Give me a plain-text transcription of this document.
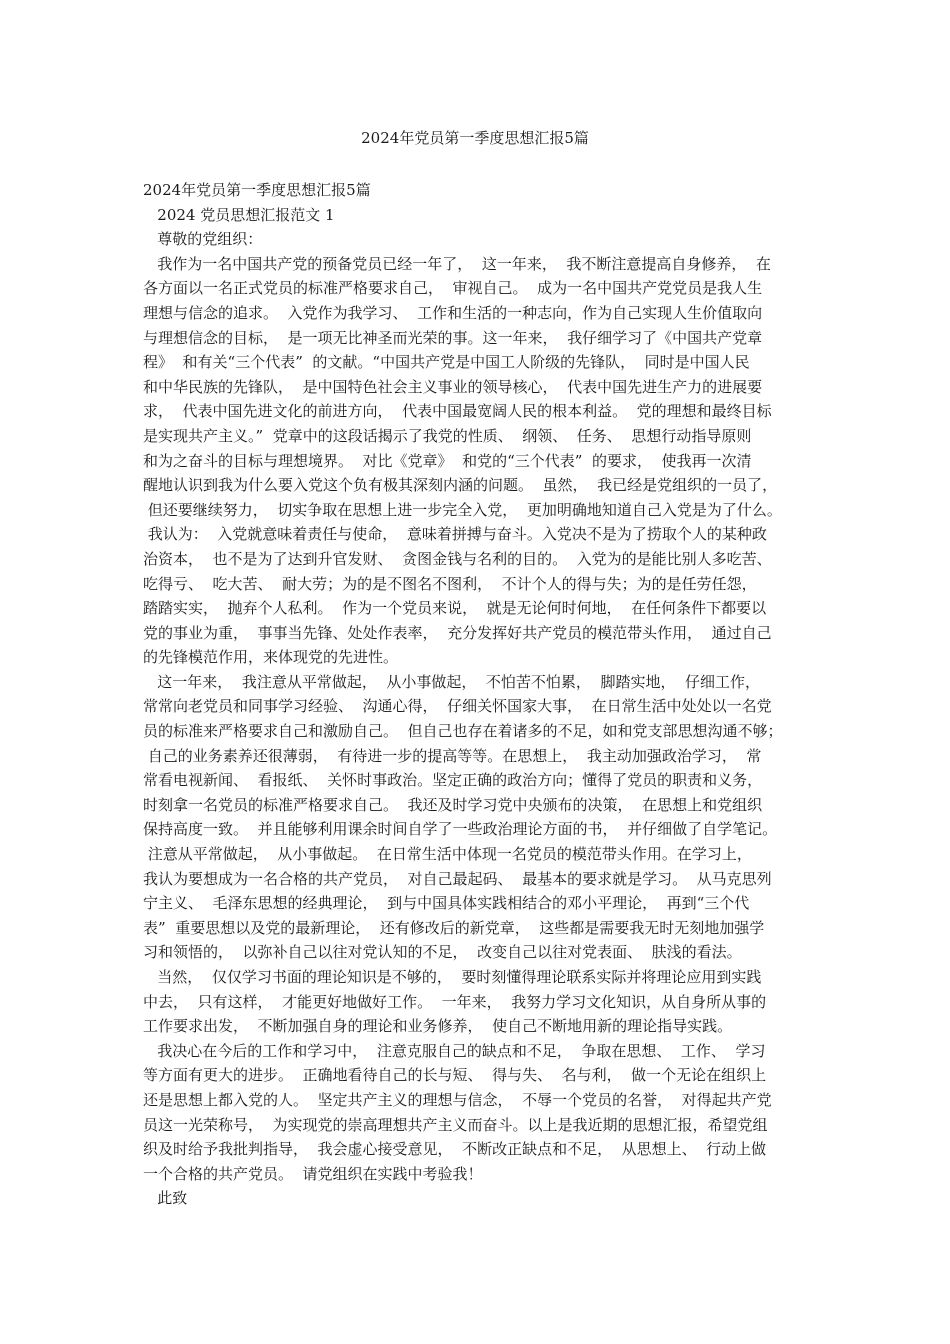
2024年党员第一季度思想汇报5篇
2024年党员第一季度思想汇报5篇
2024 党员思想汇报范文 1
尊敬的党组织：
我作为一名中国共产党的预备党员已经一年了，  这一年来，  我不断注意提高自身修养，  在
各方面以一名正式党员的标准严格要求自己，  审视自己。  成为一名中国共产党党员是我人生
理想与信念的追求。  入党作为我学习、  工作和生活的一种志向，作为自己实现人生价值取向
与理想信念的目标，  是一项无比神圣而光荣的事。这一年来，  我仔细学习了《中国共产党章
程》  和有关“三个代表”  的文献。“中国共产党是中国工人阶级的先锋队，  同时是中国人民
和中华民族的先锋队，  是中国特色社会主义事业的领导核心，  代表中国先进生产力的进展要
求，  代表中国先进文化的前进方向，  代表中国最宽阔人民的根本利益。  党的理想和最终目标
是实现共产主义。”  党章中的这段话揭示了我党的性质、  纲领、  任务、  思想行动指导原则
和为之奋斗的目标与理想境界。  对比《党章》  和党的“三个代表”  的要求，  使我再一次清
醒地认识到我为什么要入党这个负有极其深刻内涵的问题。  虽然，  我已经是党组织的一员了，
但还要继续努力，  切实争取在思想上进一步完全入党，  更加明确地知道自己入党是为了什么。
我认为：  入党就意味着责任与使命，  意味着拼搏与奋斗。入党决不是为了捞取个人的某种政
治资本，  也不是为了达到升官发财、  贪图金钱与名利的目的。  入党为的是能比别人多吃苦、
吃得亏、  吃大苦、  耐大劳；为的是不图名不图利，  不计个人的得与失；为的是任劳任怨，
踏踏实实，  抛弃个人私利。  作为一个党员来说，  就是无论何时何地，  在任何条件下都要以
党的事业为重，  事事当先锋、处处作表率，  充分发挥好共产党员的模范带头作用，  通过自己
的先锋模范作用，来体现党的先进性。
这一年来，  我注意从平常做起，  从小事做起，  不怕苦不怕累，  脚踏实地，  仔细工作，
常常向老党员和同事学习经验、  沟通心得，  仔细关怀国家大事，  在日常生活中处处以一名党
员的标准来严格要求自己和激励自己。  但自己也存在着诸多的不足，如和党支部思想沟通不够；
自己的业务素养还很薄弱，  有待进一步的提高等等。在思想上，  我主动加强政治学习，  常
常看电视新闻、  看报纸、  关怀时事政治。坚定正确的政治方向；懂得了党员的职责和义务，
时刻拿一名党员的标准严格要求自己。  我还及时学习党中央颁布的决策，  在思想上和党组织
保持高度一致。  并且能够利用课余时间自学了一些政治理论方面的书，  并仔细做了自学笔记。
注意从平常做起，  从小事做起。  在日常生活中体现一名党员的模范带头作用。在学习上，
我认为要想成为一名合格的共产党员，  对自己最起码、  最基本的要求就是学习。  从马克思列
宁主义、  毛泽东思想的经典理论，  到与中国具体实践相结合的邓小平理论，  再到“三个代
表”  重要思想以及党的最新理论，  还有修改后的新党章，  这些都是需要我无时无刻地加强学
习和领悟的，  以弥补自己以往对党认知的不足，  改变自己以往对党表面、  肤浅的看法。
当然，  仅仅学习书面的理论知识是不够的，  要时刻懂得理论联系实际并将理论应用到实践
中去，  只有这样，  才能更好地做好工作。  一年来，  我努力学习文化知识，从自身所从事的
工作要求出发，  不断加强自身的理论和业务修养，  使自己不断地用新的理论指导实践。
我决心在今后的工作和学习中，  注意克服自己的缺点和不足，  争取在思想、  工作、  学习
等方面有更大的进步。  正确地看待自己的长与短、  得与失、  名与利，  做一个无论在组织上
还是思想上都入党的人。  坚定共产主义的理想与信念，  不辱一个党员的名誉，  对得起共产党
员这一光荣称号，  为实现党的崇高理想共产主义而奋斗。以上是我近期的思想汇报，希望党组
织及时给予我批判指导，  我会虚心接受意见，  不断改正缺点和不足，  从思想上、  行动上做
一个合格的共产党员。  请党组织在实践中考验我！
此致
